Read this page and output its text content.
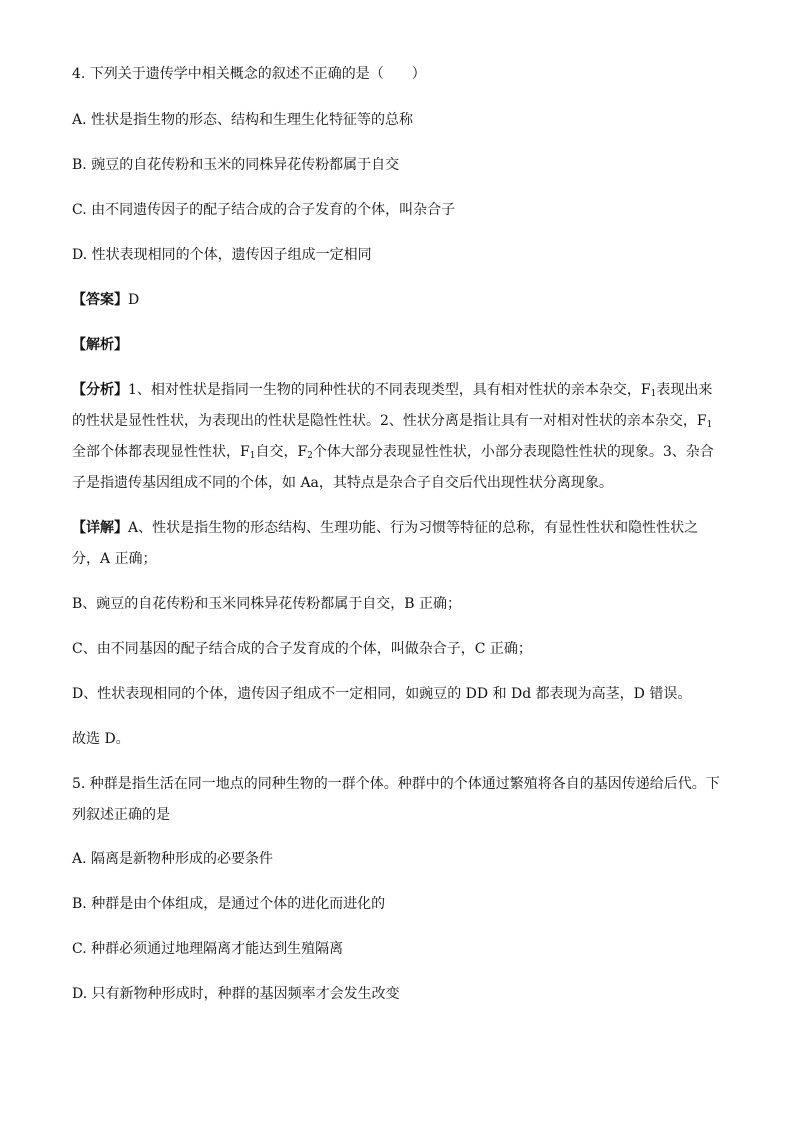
4. 下列关于遗传学中相关概念的叙述不正确的是（　　）
A. 性状是指生物的形态、结构和生理生化特征等的总称
B. 豌豆的自花传粉和玉米的同株异花传粉都属于自交
C. 由不同遗传因子的配子结合成的合子发育的个体，叫杂合子
D. 性状表现相同的个体，遗传因子组成一定相同
【答案】D
【解析】
【分析】1、相对性状是指同一生物的同种性状的不同表现类型，具有相对性状的亲本杂交，$F_1$表现出来
的性状是显性性状，为表现出的性状是隐性性状。2、性状分离是指让具有一对相对性状的亲本杂交，$F_1$
全部个体都表现显性性状，$F_1$自交，$F_2$个体大部分表现显性性状，小部分表现隐性性状的现象。3、杂合
子是指遗传基因组成不同的个体，如 Aa，其特点是杂合子自交后代出现性状分离现象。
【详解】A、性状是指生物的形态结构、生理功能、行为习惯等特征的总称，有显性性状和隐性性状之
分，A 正确；
B、豌豆的自花传粉和玉米同株异花传粉都属于自交，B 正确；
C、由不同基因的配子结合成的合子发育成的个体，叫做杂合子，C 正确；
D、性状表现相同的个体，遗传因子组成不一定相同，如豌豆的 DD 和 Dd 都表现为高茎，D 错误。
故选 D。
5. 种群是指生活在同一地点的同种生物的一群个体。种群中的个体通过繁殖将各自的基因传递给后代。下
列叙述正确的是
A. 隔离是新物种形成的必要条件
B. 种群是由个体组成，是通过个体的进化而进化的
C. 种群必须通过地理隔离才能达到生殖隔离
D. 只有新物种形成时，种群的基因频率才会发生改变
